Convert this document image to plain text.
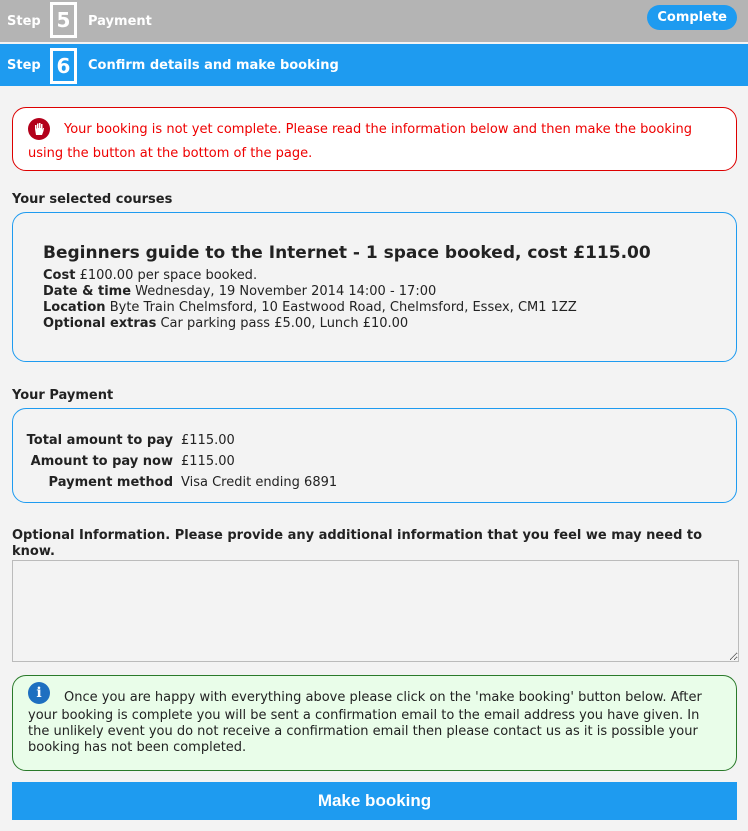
Step 5	Payment	Complete
Step 6	Confirm details and make booking
Your booking is not yet complete. Please read the information below and then make the booking using the button at the bottom of the page.
Your selected courses
Beginners guide to the Internet - 1 space booked, cost £115.00
Cost £100.00 per space booked.
Date & time Wednesday, 19 November 2014 14:00 - 17:00
Location Byte Train Chelmsford, 10 Eastwood Road, Chelmsford, Essex, CM1 1ZZ
Optional extras Car parking pass £5.00, Lunch £10.00
Your Payment
Total amount to pay £115.00
Amount to pay now £115.00
Payment method Visa Credit ending 6891
Optional Information. Please provide any additional information that you feel we may need to know.
i Once you are happy with everything above please click on the 'make booking' button below. After your booking is complete you will be sent a confirmation email to the email address you have given. In the unlikely event you do not receive a confirmation email then please contact us as it is possible your booking has not been completed.
Make booking
